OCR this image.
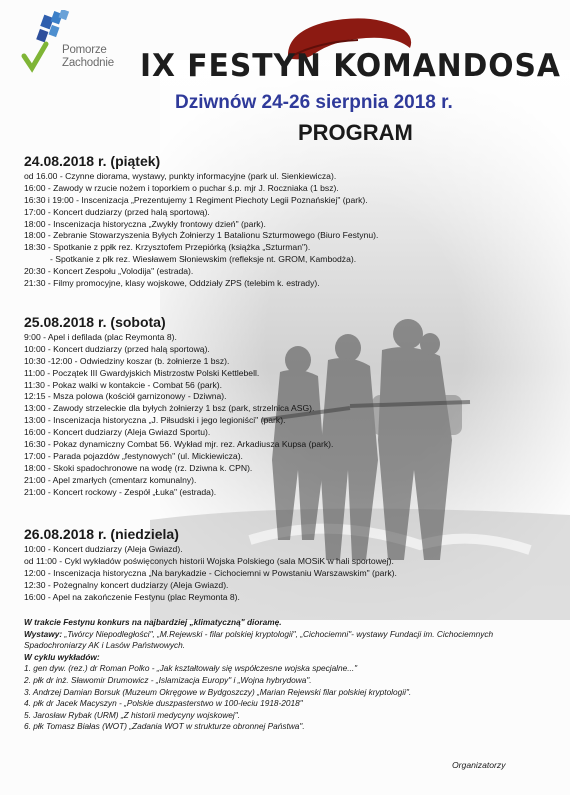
Pomorze
Zachodnie IX FESTYN KOMANDOSA
Dziwnów 24-26 sierpnia 2018 r.
PROGRAM
24.08.2018 r. (piątek)
od 16.00 - Czynne diorama, wystawy, punkty informacyjne (park ul. Sienkiewicza).
16:00 - Zawody w rzucie nożem i toporkiem o puchar ś.p. mjr J. Roczniaka (1 bsz).
16:30 i 19:00 - Inscenizacja „Prezentujemy 1 Regiment Piechoty Legii Poznańskiej" (park).
17:00 - Koncert dudziarzy (przed halą sportową).
18:00 - Inscenizacja historyczna „Zwykły frontowy dzień" (park).
18:00 - Zebranie Stowarzyszenia Byłych Żołnierzy 1 Batalionu Szturmowego (Biuro Festynu).
18:30 - Spotkanie z ppłk rez. Krzysztofem Przepiórką (książka „Szturman").
- Spotkanie z płk rez. Wiesławem Słoniewskim (refleksje nt. GROM, Kambodża).
20:30 - Koncert Zespołu „Volodija" (estrada).
21:30 - Filmy promocyjne, klasy wojskowe, Oddziały ZPS (telebim k. estrady).
25.08.2018 r. (sobota)
9:00 - Apel i defilada (plac Reymonta 8).
10:00 - Koncert dudziarzy (przed halą sportową).
10:30 -12:00 - Odwiedziny koszar (b. żołnierze 1 bsz).
11:00 - Początek III Gwardyjskich Mistrzostw Polski Kettlebell.
11:30 - Pokaz walki w kontakcie - Combat 56 (park).
12:15 - Msza polowa (kościół garnizonowy - Dziwna).
13:00 - Zawody strzeleckie dla byłych żołnierzy 1 bsz (park, strzelnica ASG).
13:00 - Inscenizacja historyczna „J. Piłsudski i jego legioniści" (park).
16:00 - Koncert dudziarzy (Aleja Gwiazd Sportu).
16:30 - Pokaz dynamiczny Combat 56. Wykład mjr. rez. Arkadiusza Kupsa (park).
17:00 - Parada pojazdów „festynowych" (ul. Mickiewicza).
18:00 - Skoki spadochronowe na wodę (rz. Dziwna k. CPN).
21:00 - Apel zmarłych (cmentarz komunalny).
21:00 - Koncert rockowy - Zespół „Łuka" (estrada).
26.08.2018 r. (niedziela)
10:00 - Koncert dudziarzy (Aleja Gwiazd).
od 11:00 - Cykl wykładów poświęconych historii Wojska Polskiego (sala MOSiK w hali sportowej).
12:00 - Inscenizacja historyczna „Na barykadzie - Cichociemni w Powstaniu Warszawskim" (park).
12:30 - Pożegnalny koncert dudziarzy (Aleja Gwiazd).
16:00 - Apel na zakończenie Festynu (plac Reymonta 8).
W trakcie Festynu konkurs na najbardziej „klimatyczną" dioramę.
Wystawy: „Twórcy Niepodległości", „M.Rejewski - filar polskiej kryptologii", „Cichociemni"- wystawy Fundacji im. Cichociemnych
Spadochroniarzy AK i Lasów Państwowych.
W cyklu wykładów:
1. gen dyw. (rez.) dr Roman Polko - „Jak kształtowały się współczesne wojska specjalne..."
2. płk dr inż. Sławomir Drumowicz - „Islamizacja Europy" i „Wojna hybrydowa".
3. Andrzej Damian Borsuk (Muzeum Okręgowe w Bydgoszczy) „Marian Rejewski filar polskiej kryptologii".
4. płk dr Jacek Macyszyn - „Polskie duszpasterstwo w 100-leciu 1918-2018"
5. Jarosław Rybak (URM) „Z historii medycyny wojskowej".
6. płk Tomasz Białas (WOT) „Zadania WOT w strukturze obronnej Państwa".
Organizatorzy
